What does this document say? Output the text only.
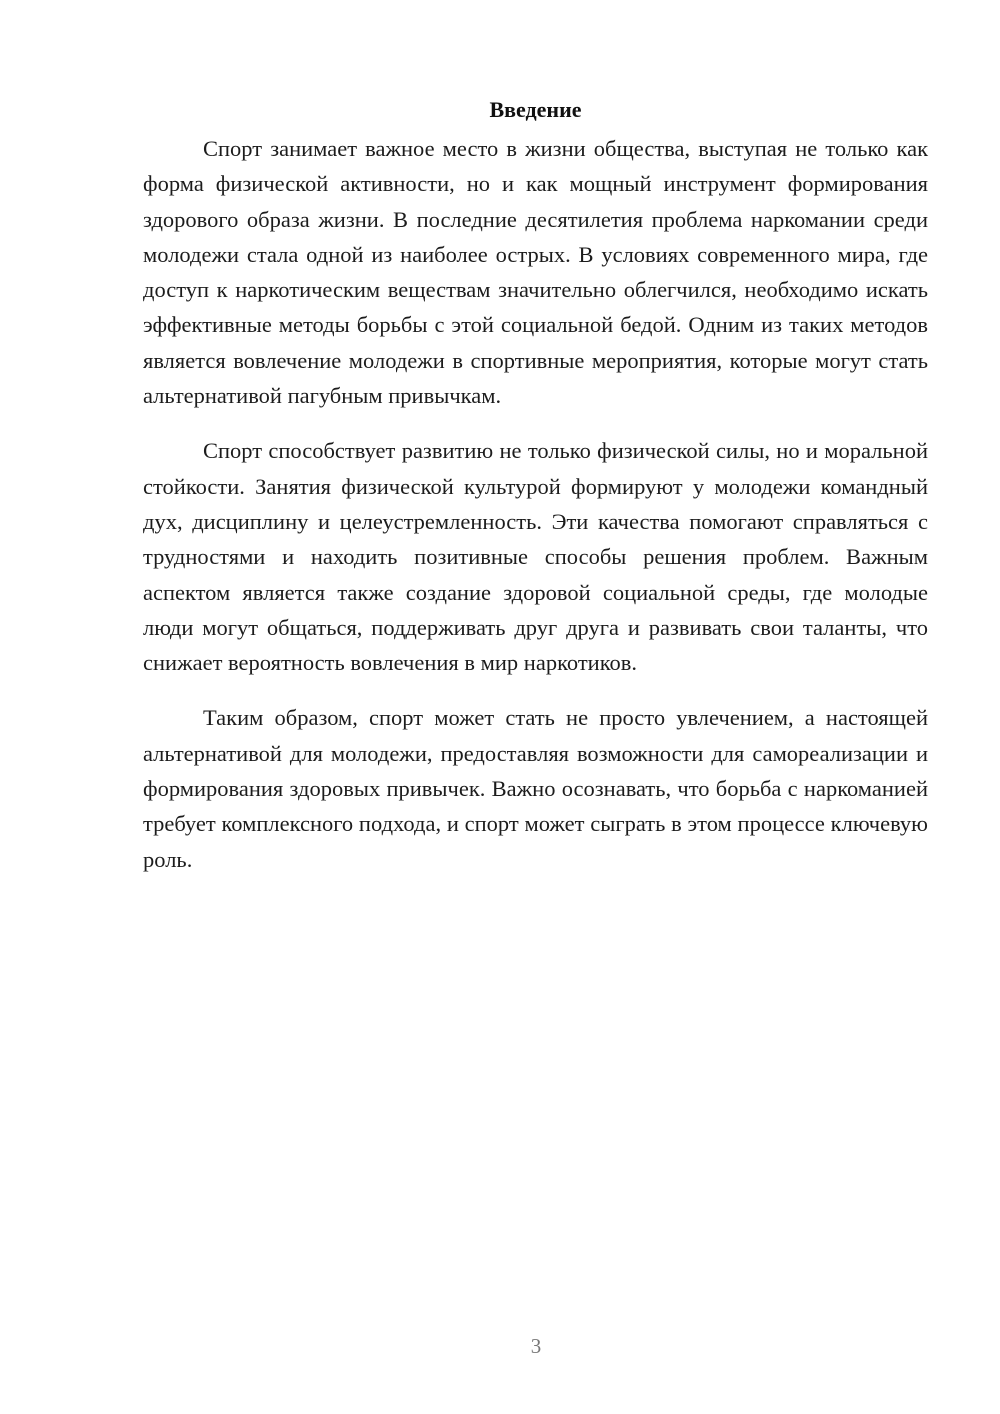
Введение

Спорт занимает важное место в жизни общества, выступая не только как форма физической активности, но и как мощный инструмент формирования здорового образа жизни. В последние десятилетия проблема наркомании среди молодежи стала одной из наиболее острых. В условиях современного мира, где доступ к наркотическим веществам значительно облегчился, необходимо искать эффективные методы борьбы с этой социальной бедой. Одним из таких методов является вовлечение молодежи в спортивные мероприятия, которые могут стать альтернативой пагубным привычкам.

Спорт способствует развитию не только физической силы, но и моральной стойкости. Занятия физической культурой формируют у молодежи командный дух, дисциплину и целеустремленность. Эти качества помогают справляться с трудностями и находить позитивные способы решения проблем. Важным аспектом является также создание здоровой социальной среды, где молодые люди могут общаться, поддерживать друг друга и развивать свои таланты, что снижает вероятность вовлечения в мир наркотиков.

Таким образом, спорт может стать не просто увлечением, а настоящей альтернативой для молодежи, предоставляя возможности для самореализации и формирования здоровых привычек. Важно осознавать, что борьба с наркоманией требует комплексного подхода, и спорт может сыграть в этом процессе ключевую роль.

3
